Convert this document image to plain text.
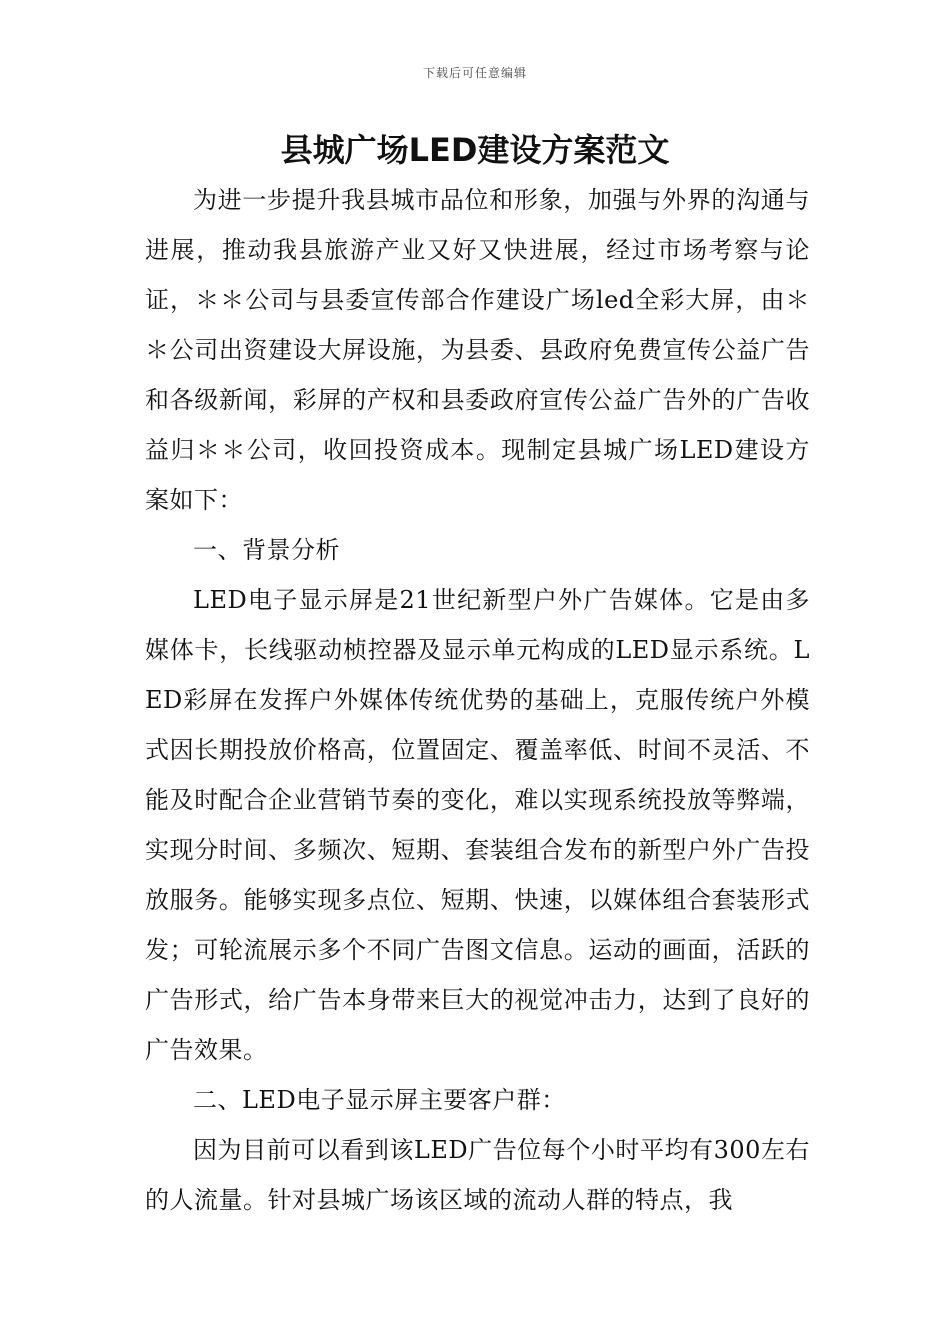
下载后可任意编辑
县城广场LED建设方案范文

为进一步提升我县城市品位和形象，加强与外界的沟通与进展，推动我县旅游产业又好又快进展，经过市场考察与论证，＊＊公司与县委宣传部合作建设广场led全彩大屏，由＊＊公司出资建设大屏设施，为县委、县政府免费宣传公益广告和各级新闻，彩屏的产权和县委政府宣传公益广告外的广告收益归＊＊公司，收回投资成本。现制定县城广场LED建设方案如下：

一、背景分析

LED电子显示屏是21世纪新型户外广告媒体。它是由多媒体卡，长线驱动桢控器及显示单元构成的LED显示系统。LED彩屏在发挥户外媒体传统优势的基础上，克服传统户外模式因长期投放价格高，位置固定、覆盖率低、时间不灵活、不能及时配合企业营销节奏的变化，难以实现系统投放等弊端，实现分时间、多频次、短期、套装组合发布的新型户外广告投放服务。能够实现多点位、短期、快速，以媒体组合套装形式发；可轮流展示多个不同广告图文信息。运动的画面，活跃的广告形式，给广告本身带来巨大的视觉冲击力，达到了良好的广告效果。

二、LED电子显示屏主要客户群：

因为目前可以看到该LED广告位每个小时平均有300左右的人流量。针对县城广场该区域的流动人群的特点，我
